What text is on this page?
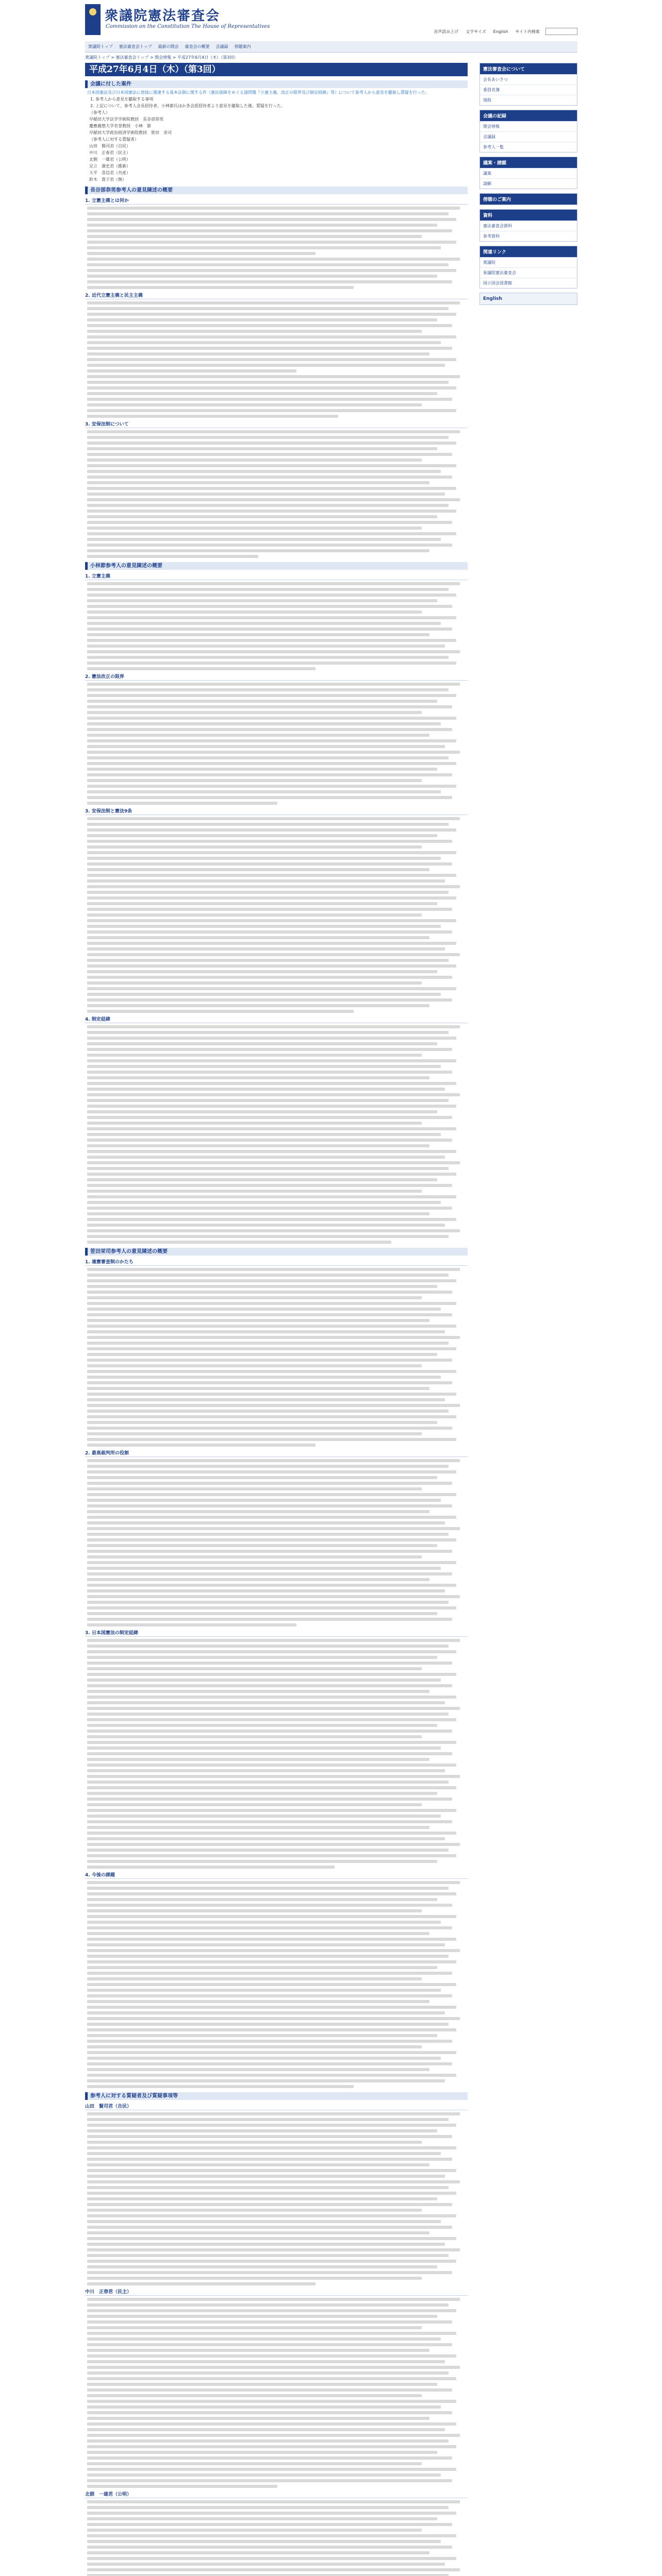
衆議院憲法審査会
Commission on the Constitution The House of Representatives
音声読み上げ	文字サイズ	English	サイト内検索
衆議院トップ 憲法審査会トップ 最新の開会 審査会の概要 会議録 傍聴案内
衆議院トップ > 憲法審査会トップ > 開会情報 > 平成27年6月4日（木）（第3回）
平成27年6月4日（木）（第3回）
会議に付した案件
日本国憲法及び日本国憲法に密接に関連する基本法制に関する件（憲法保障をめぐる諸問題『立憲主義、改正の限界及び制定経緯』等）について参考人から意見を聴取し質疑を行った。
1. 参考人から意見を聴取する事項
2. 上記について、参考人会長招待者、小林節氏ほか各会派招待者より意見を聴取した後、質疑を行った。
（参考人）
早稲田大学法学学術院教授　長谷部恭男
慶應義塾大学名誉教授　小林　節
早稲田大学政治経済学術院教授　笹田　栄司
（参考人に対する質疑者）
山田　賢司君（自民）
中川　正春君（民主）
北側　一雄君（公明）
足立　康史君（維新）
大平　喜信君（共産）
鈴木　貴子君（無）
長谷部恭男参考人の意見陳述の概要
1. 立憲主義とは何か
2. 近代立憲主義と民主主義
3. 安保法制について
小林節参考人の意見陳述の概要
1. 立憲主義
2. 憲法改正の限界
3. 安保法制と憲法9条
4. 制定経緯
笹田栄司参考人の意見陳述の概要
1. 違憲審査制のかたち
2. 最高裁判所の役割
3. 日本国憲法の制定経緯
4. 今後の課題
参考人に対する質疑者及び質疑事項等
山田　賢司君（自民）
中川　正春君（民主）
北側　一雄君（公明）
憲法審査会について
会長あいさつ
委員名簿
規程
会議の記録
開会情報
会議録
参考人一覧
議案・請願
議案
請願
傍聴のご案内
資料
憲法審査会資料
参考資料
関連リンク
衆議院
参議院憲法審査会
国立国会図書館
English
